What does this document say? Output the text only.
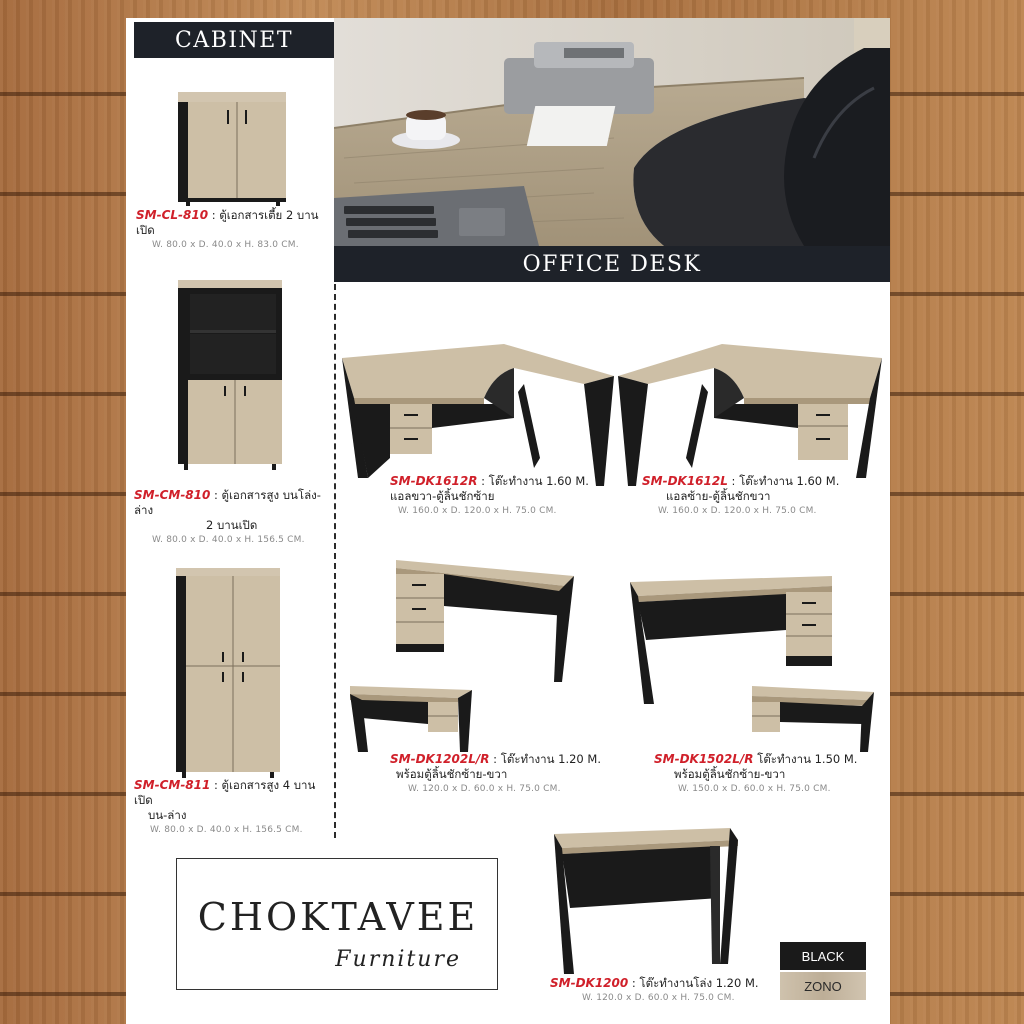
CABINET
OFFICE DESK
SM-CL-810 : ตู้เอกสารเตี้ย 2 บานเปิด
W. 80.0 x D. 40.0 x H. 83.0 CM.
SM-CM-810 : ตู้เอกสารสูง บนโล่ง-ล่าง
2 บานเปิด
W. 80.0 x D. 40.0 x H. 156.5 CM.
SM-CM-811 : ตู้เอกสารสูง 4 บานเปิด
บน-ล่าง
W. 80.0 x D. 40.0 x H. 156.5 CM.
SM-DK1612R : โต๊ะทำงาน 1.60 M.
แอลขวา-ตู้ลิ้นชักซ้าย
W. 160.0 x D. 120.0 x H. 75.0 CM.
SM-DK1612L : โต๊ะทำงาน 1.60 M.
แอลซ้าย-ตู้ลิ้นชักขวา
W. 160.0 x D. 120.0 x H. 75.0 CM.
SM-DK1202L/R : โต๊ะทำงาน 1.20 M.
พร้อมตู้ลิ้นชักซ้าย-ขวา
W. 120.0 x D. 60.0 x H. 75.0 CM.
SM-DK1502L/R โต๊ะทำงาน 1.50 M.
พร้อมตู้ลิ้นชักซ้าย-ขวา
W. 150.0 x D. 60.0 x H. 75.0 CM.
SM-DK1200 : โต๊ะทำงานโล่ง 1.20 M.
W. 120.0 x D. 60.0 x H. 75.0 CM.
CHOKTAVEE
Furniture	BLACK
ZONO
